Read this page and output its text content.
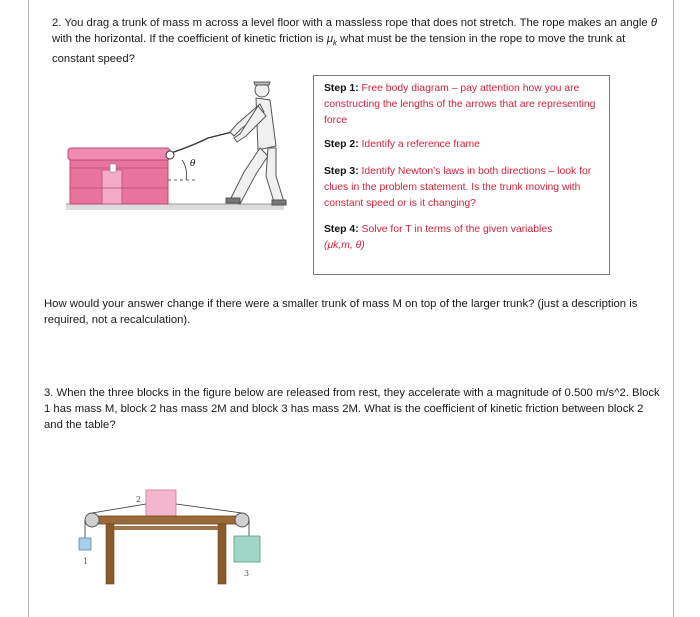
2. You drag a trunk of mass m across a level floor with a massless rope that does not stretch. The rope makes an angle θ with the horizontal. If the coefficient of kinetic friction is $\mu_k$ what must be the tension in the rope to move the trunk at constant speed?

θ
Step 1: Free body diagram – pay attention how you are constructing the lengths of the arrows that are representing force
Step 2: Identify a reference frame
Step 3: Identify Newton’s laws in both directions – look for clues in the problem statement. Is the trunk moving with constant speed or is it changing?
Step 4: Solve for T in terms of the given variables
(μk,m, θ)

How would your answer change if there were a smaller trunk of mass M on top of the larger trunk? (just a description is required, not a recalculation).

3. When the three blocks in the figure below are released from rest, they accelerate with a magnitude of 0.500 m/s^2. Block 1 has mass M, block 2 has mass 2M and block 3 has mass 2M. What is the coefficient of kinetic friction between block 2 and the table?

2
1
3
